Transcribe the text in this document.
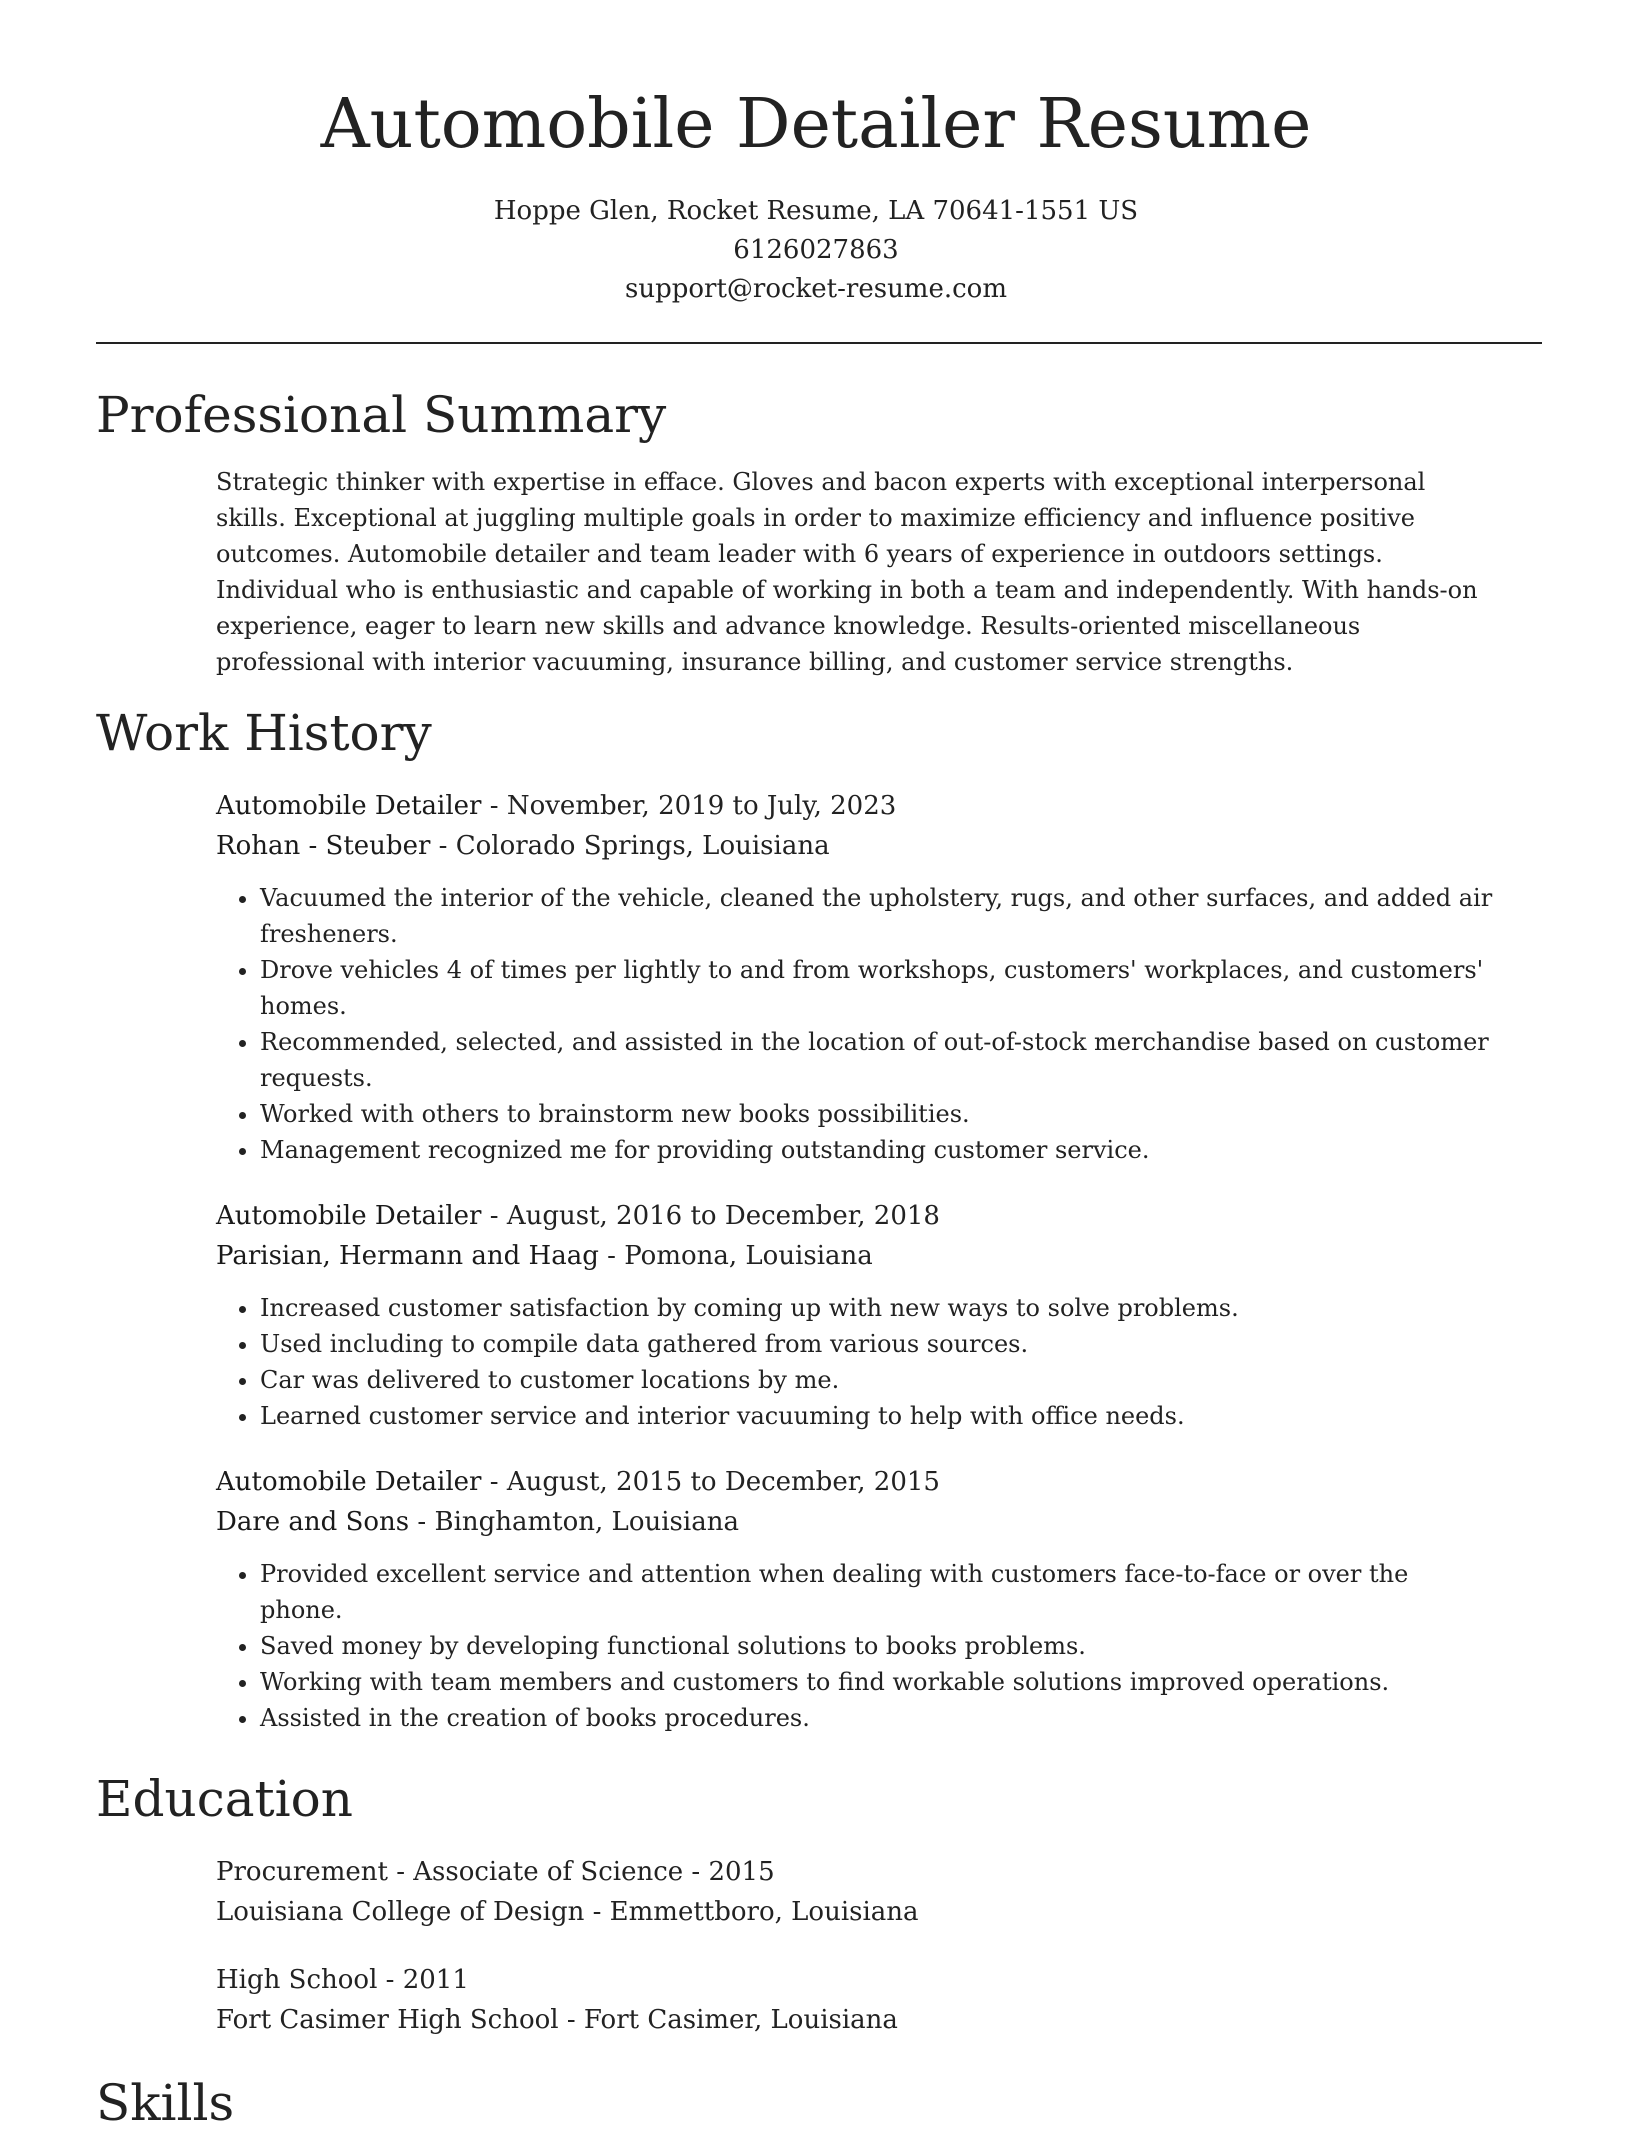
Automobile Detailer Resume
Hoppe Glen, Rocket Resume, LA 70641-1551 US
6126027863
support@rocket-resume.com
Professional Summary

Strategic thinker with expertise in efface. Gloves and bacon experts with exceptional interpersonal skills. Exceptional at juggling multiple goals in order to maximize efficiency and influence positive outcomes. Automobile detailer and team leader with 6 years of experience in outdoors settings. Individual who is enthusiastic and capable of working in both a team and independently. With hands-on experience, eager to learn new skills and advance knowledge. Results-oriented miscellaneous professional with interior vacuuming, insurance billing, and customer service strengths.

Work History
Automobile Detailer - November, 2019 to July, 2023
Rohan - Steuber - Colorado Springs, Louisiana
• Vacuumed the interior of the vehicle, cleaned the upholstery, rugs, and other surfaces, and added air fresheners.
• Drove vehicles 4 of times per lightly to and from workshops, customers' workplaces, and customers' homes.
• Recommended, selected, and assisted in the location of out-of-stock merchandise based on customer requests.
• Worked with others to brainstorm new books possibilities.
• Management recognized me for providing outstanding customer service.
Automobile Detailer - August, 2016 to December, 2018
Parisian, Hermann and Haag - Pomona, Louisiana
• Increased customer satisfaction by coming up with new ways to solve problems.
• Used including to compile data gathered from various sources.
• Car was delivered to customer locations by me.
• Learned customer service and interior vacuuming to help with office needs.
Automobile Detailer - August, 2015 to December, 2015
Dare and Sons - Binghamton, Louisiana
• Provided excellent service and attention when dealing with customers face-to-face or over the phone.
• Saved money by developing functional solutions to books problems.
• Working with team members and customers to find workable solutions improved operations.
• Assisted in the creation of books procedures.
Education
Procurement - Associate of Science - 2015
Louisiana College of Design - Emmettboro, Louisiana
High School - 2011
Fort Casimer High School - Fort Casimer, Louisiana
Skills
